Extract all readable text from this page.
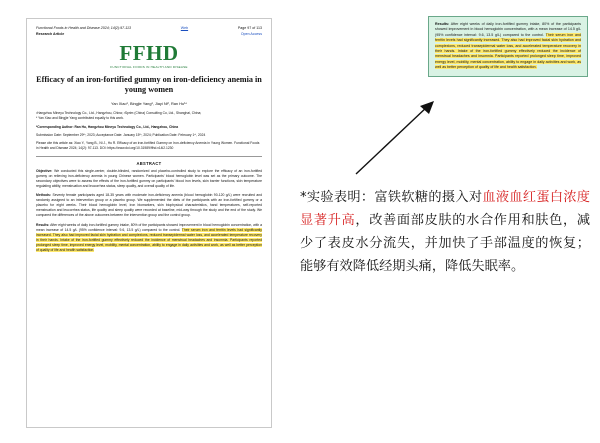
Functional Foods in Health and Disease 2024; 14(2):97-113	Web	Page 97 of 113
Research Article	Open Access
FFHD
FUNCTIONAL FOODS IN HEALTH AND DISEASE
Efficacy of an iron-fortified gummy on iron-deficiency anemia in young women
Yan Xiao¹, Bingjie Yang¹, Jiayi Ni², Ran Hu¹*

¹Hangzhou Mineyu Technology Co., Ltd., Hangzhou, China; ²Sprim (China) Consulting Co, Ltd., Shanghai, China;

* Yan Xiao and Bingjie Yang contributed equally to this work.

*Corresponding Author: Ran Hu, Hangzhou Mineyu Technology Co., Ltd., Hangzhou, China
Submission Date: September 29ᵗʰ, 2023; Acceptance Date: January 15ᵗʰ, 2024; Publication Date: February 1ˢᵗ, 2024
Please cite this article as: Xiao Y., Yang B., Ni J., Hu R. Efficacy of an iron-fortified Gummy on Iron-deficiency Anemia in Young Women. Functional Foods in Health and Disease 2024; 14(2): 97-113. DOI: https://www.doi.org/10.31989/ffhd.v14i2.1230
ABSTRACT

Objective: We conducted this single-center, double-blinded, randomized and placebo-controlled study to explore the efficacy of an iron-fortified gummy on relieving iron-deficiency anemia in young Chinese women. Participants' blood hemoglobin level was set as the primary outcome. The secondary objectives were to assess the effects of the iron-fortified gummy on participants' blood iron levels, skin barrier functions, skin temperature regulating ability, menstruation and leucorrhea status, sleep quality, and overall quality of life.

Methods: Seventy female participants aged 18-35 years with moderate iron-deficiency anemia (blood hemoglobin 90-120 g/L) were recruited and randomly assigned to an intervention group or a placebo group. We supplemented the diets of the participants with an iron-fortified gummy or a placebo for eight weeks. Their blood hemoglobin level, iron biomarkers, skin biophysical characteristics, hand temperatures, self-reported menstruation and leucorrhea status, life quality and sleep quality were recorded at baseline, mid-way through the study and the end of the study. We compared the differences of the above outcomes between the intervention group and the control group.

Results: After eight weeks of daily iron-fortified gummy intake, 80% of the participants showed improvement in blood hemoglobin concentration, with a mean increase of 14.5 g/L (95% confidence interval: 9.6, 13.5 g/L) compared to the control. Their serum iron and ferritin levels had significantly increased. They also had improved facial skin hydration and complexions, reduced transepidermal water loss, and accelerated temperature recovery in their hands. Intake of the iron-fortified gummy effectively reduced the incidence of menstrual headaches and insomnia. Participants reported prolonged sleep time, improved energy level, mobility, mental concentration, ability to engage in daily activities and work, as well as better perception of quality of life and health satisfaction.

Results: After eight weeks of daily iron-fortified gummy intake, 80% of the participants showed improvement in blood hemoglobin concentration, with a mean increase of 14.5 g/L (95% confidence interval: 9.6, 13.5 g/L) compared to the control. Their serum iron and ferritin levels had significantly increased. They also had improved facial skin hydration and complexions, reduced transepidermal water loss, and accelerated temperature recovery in their hands. Intake of the iron-fortified gummy effectively reduced the incidence of menstrual headaches and insomnia. Participants reported prolonged sleep time, improved energy level, mobility, mental concentration, ability to engage in daily activities and work, as well as better perception of quality of life and health satisfaction.
*实验表明：富铁软糖的摄入对血液血红蛋白浓度显著升高，改善面部皮肤的水合作用和肤色，减少了表皮水分流失，并加快了手部温度的恢复；能够有效降低经期头痛，降低失眠率。
